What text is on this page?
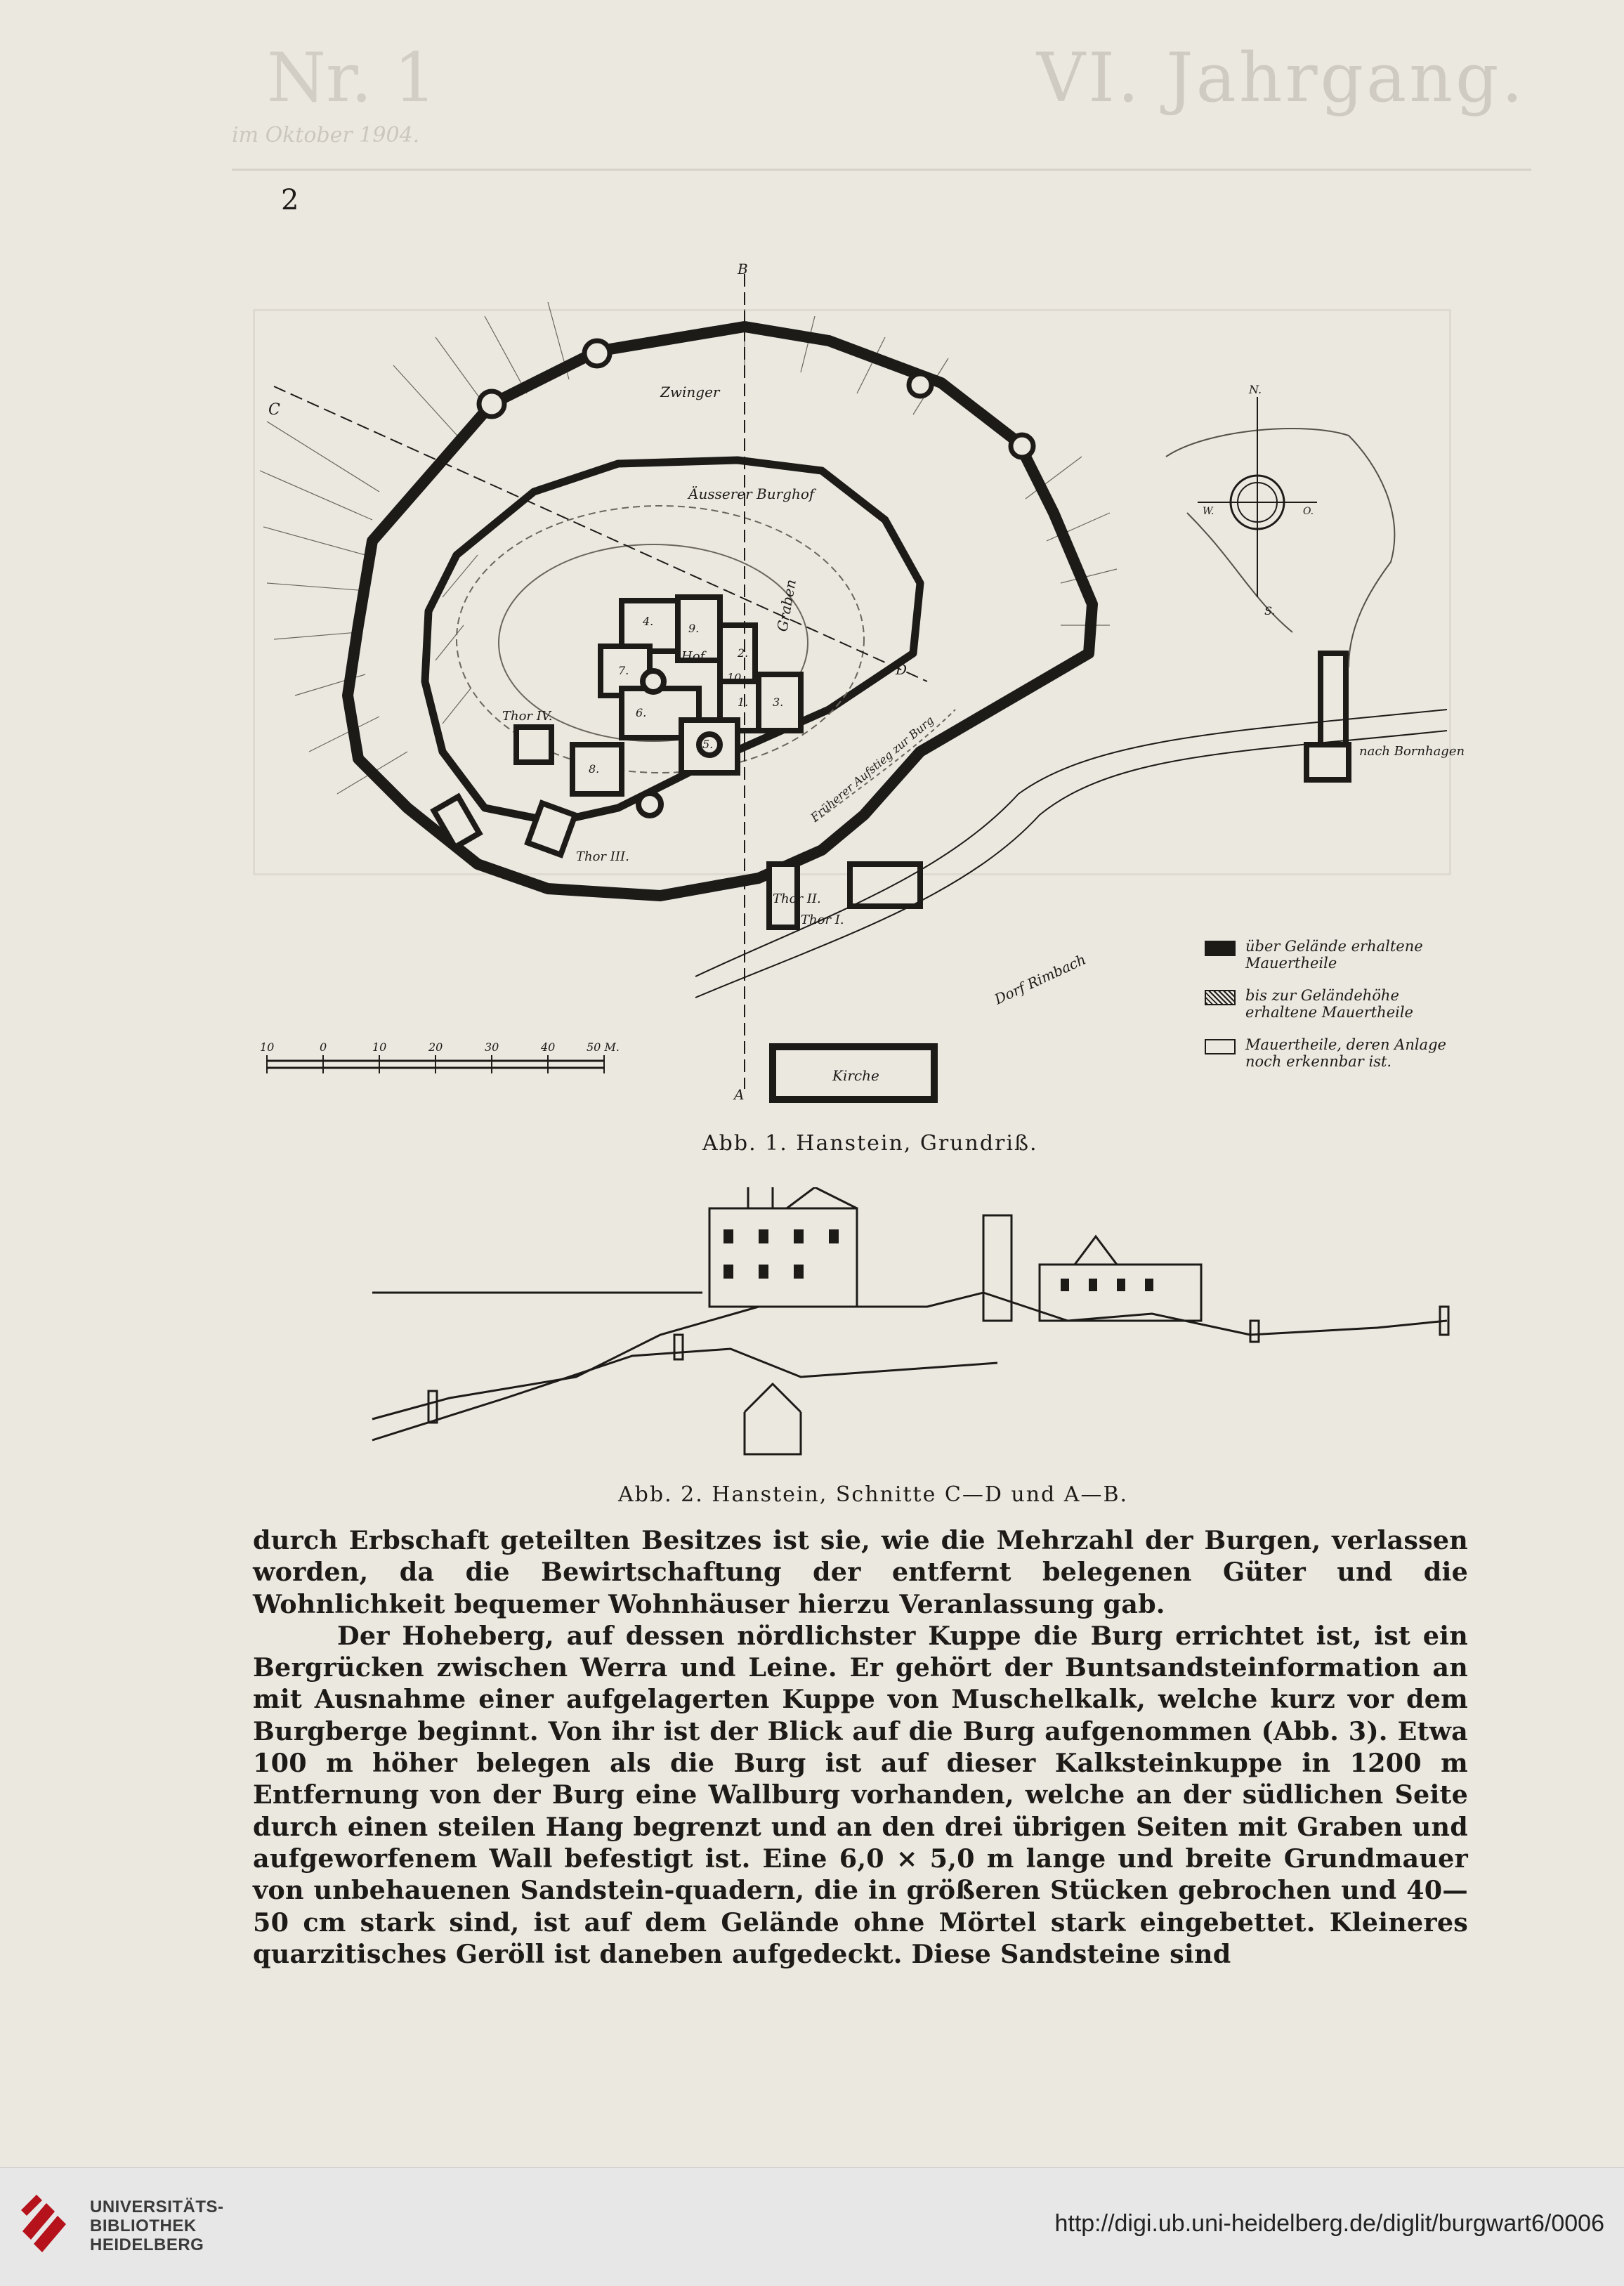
Nr. 1	VI. Jahrgang.
im Oktober 1904.
2
Zwinger
Äusserer Burghof
Graben
Hof
Thor I.
Thor II.
Thor III.
Thor IV.
nach Bornhagen
Dorf Rimbach
Kirche
Früherer Aufstieg zur Burg
A
B
C
D
1.
2.
3.
4.
5.
6.
7.
8.
9.
10.
N.
S.
W.	O.
10	0	10	20	30	40	50 M.
über Gelände erhaltene Mauertheile
bis zur Geländehöhe erhaltene Mauertheile
Mauertheile, deren Anlage noch erkennbar ist.
Abb. 1. Hanstein, Grundriß.
Abb. 2. Hanstein, Schnitte C—D und A—B.

durch Erbschaft geteilten Besitzes ist sie, wie die Mehrzahl der Burgen, verlassen worden, da die Bewirtschaftung der entfernt belegenen Güter und die Wohnlichkeit bequemer Wohnhäuser hierzu Veranlassung gab.

Der Hoheberg, auf dessen nördlichster Kuppe die Burg errichtet ist, ist ein Bergrücken zwischen Werra und Leine. Er gehört der Buntsandsteinformation an mit Ausnahme einer aufgelagerten Kuppe von Muschelkalk, welche kurz vor dem Burgberge beginnt. Von ihr ist der Blick auf die Burg aufgenommen (Abb. 3). Etwa 100 m höher belegen als die Burg ist auf dieser Kalksteinkuppe in 1200 m Entfernung von der Burg eine Wallburg vorhanden, welche an der südlichen Seite durch einen steilen Hang begrenzt und an den drei übrigen Seiten mit Graben und aufgeworfenem Wall befestigt ist. Eine 6,0 × 5,0 m lange und breite Grundmauer von unbehauenen Sandstein-quadern, die in größeren Stücken gebrochen und 40—50 cm stark sind, ist auf dem Gelände ohne Mörtel stark eingebettet. Kleineres quarzitisches Geröll ist daneben aufgedeckt. Diese Sandsteine sind

UNIVERSITÄTS-
BIBLIOTHEK
HEIDELBERG
http://digi.ub.uni-heidelberg.de/diglit/burgwart6/0006
